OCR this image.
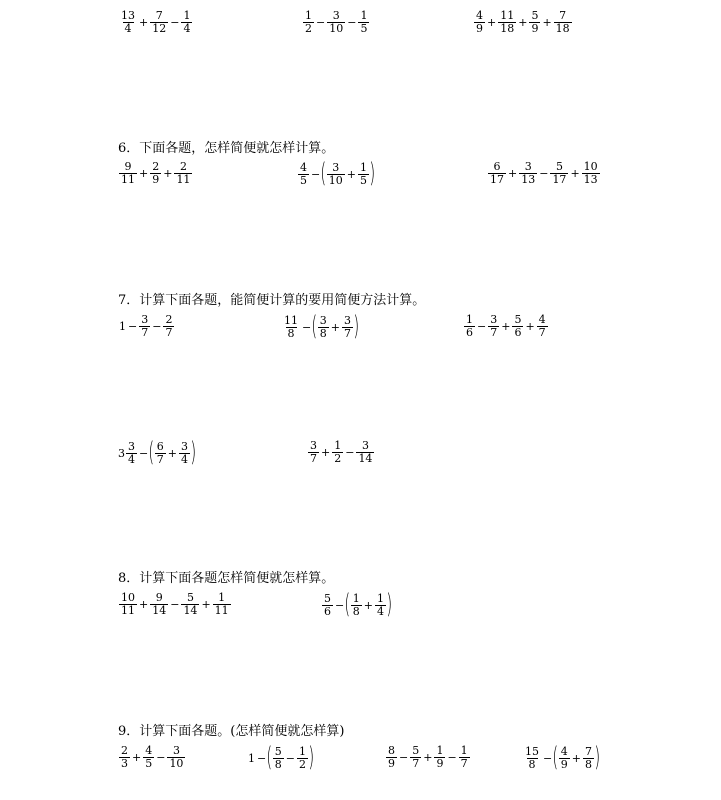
6．下面各题，怎样简便就怎样计算。
7．计算下面各题，能简便计算的要用简便方法计算。
8．计算下面各题怎样简便就怎样算。
9．计算下面各题。(怎样简便就怎样算)
$\frac{13}{4} + \frac{7}{12} - \frac{1}{4}$	$\frac{1}{2} - \frac{3}{10} - \frac{1}{5}$	$\frac{4}{9} + \frac{11}{18} + \frac{5}{9} + \frac{7}{18}$
$\frac{9}{11} + \frac{2}{9} + \frac{2}{11}$	$\frac{4}{5}$ − ( $\frac{3}{10} + \frac{1}{5}$ )	$\frac{6}{17} + \frac{3}{13} - \frac{5}{17} + \frac{10}{13}$
$1 - \frac{3}{7} - \frac{2}{7}$	$\frac{11}{8}$ − ( $\frac{3}{8} + \frac{3}{7}$ )	$\frac{1}{6} - \frac{3}{7} + \frac{5}{6} + \frac{4}{7}$
$3 \frac{3}{4}$ − ( $\frac{6}{7} + \frac{3}{4}$ )	$\frac{3}{7} + \frac{1}{2} - \frac{3}{14}$
$\frac{10}{11} + \frac{9}{14} - \frac{5}{14} + \frac{1}{11}$	$\frac{5}{6}$ − ( $\frac{1}{8} + \frac{1}{4}$ )
$\frac{2}{3} + \frac{4}{5} - \frac{3}{10}$	1 − ( $\frac{5}{8} - \frac{1}{2}$ )	$\frac{8}{9} - \frac{5}{7} + \frac{1}{9} - \frac{1}{7}$	$\frac{15}{8}$ − ( $\frac{4}{9} + \frac{7}{8}$ )
